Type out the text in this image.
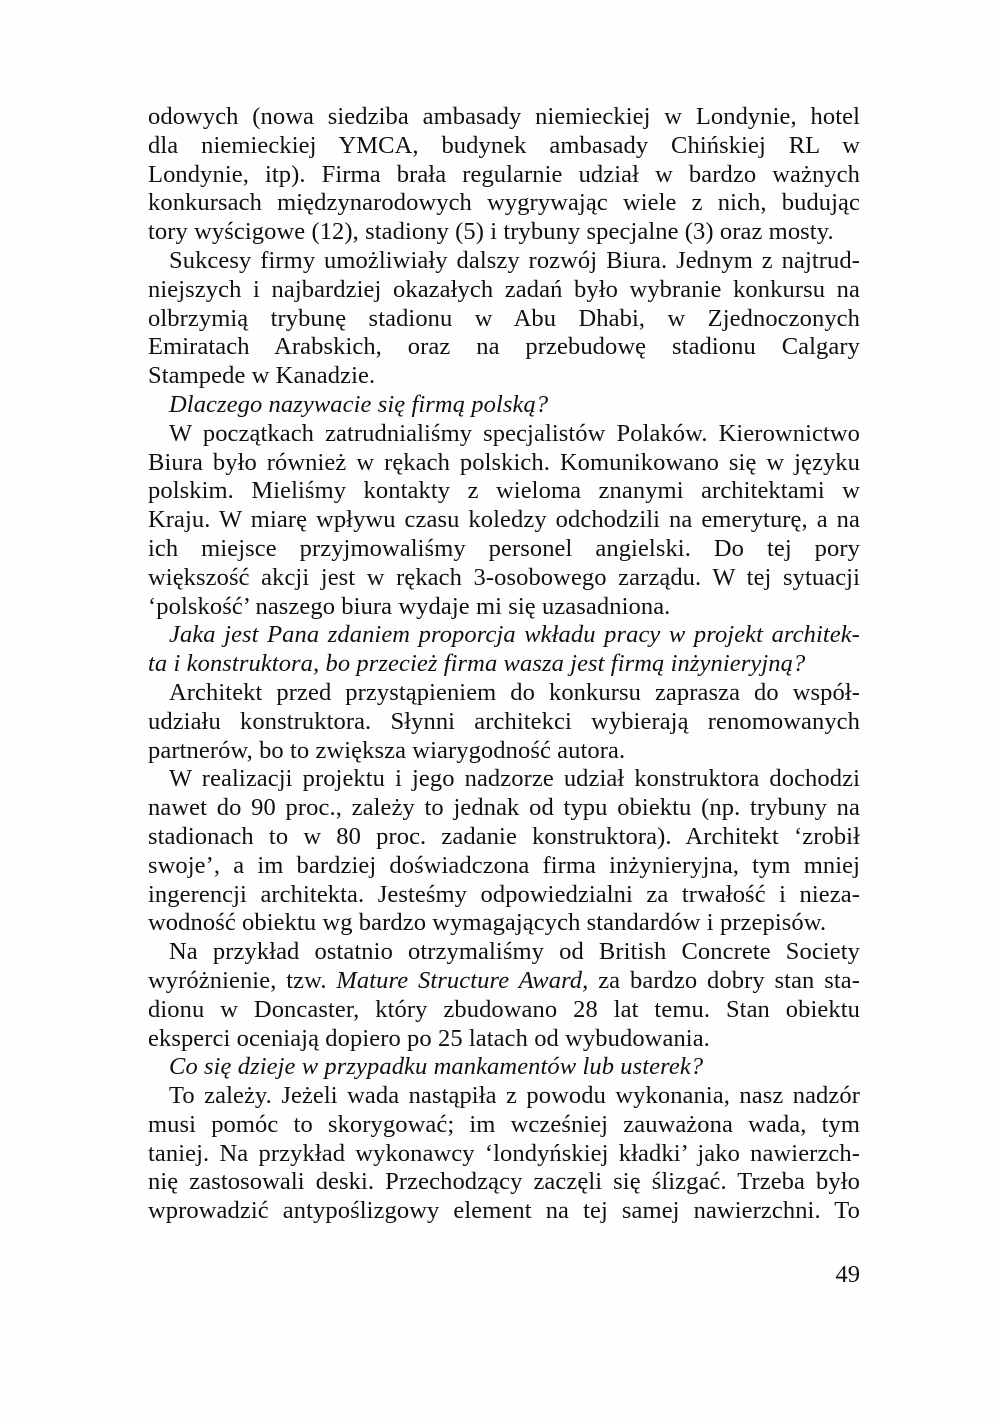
odowych (nowa siedziba ambasady niemieckiej w Londynie, hotel
dla niemieckiej YMCA, budynek ambasady Chińskiej RL w
Londynie, itp). Firma brała regularnie udział w bardzo ważnych
konkursach międzynarodowych wygrywając wiele z nich, budując
tory wyścigowe (12), stadiony (5) i trybuny specjalne (3) oraz mosty.
Sukcesy firmy umożliwiały dalszy rozwój Biura. Jednym z najtrud-
niejszych i najbardziej okazałych zadań było wybranie konkursu na
olbrzymią trybunę stadionu w Abu Dhabi, w Zjednoczonych
Emiratach Arabskich, oraz na przebudowę stadionu Calgary
Stampede w Kanadzie.
Dlaczego nazywacie się firmą polską?
W początkach zatrudnialiśmy specjalistów Polaków. Kierownictwo
Biura było również w rękach polskich. Komunikowano się w języku
polskim. Mieliśmy kontakty z wieloma znanymi architektami w
Kraju. W miarę wpływu czasu koledzy odchodzili na emeryturę, a na
ich miejsce przyjmowaliśmy personel angielski. Do tej pory
większość akcji jest w rękach 3-osobowego zarządu. W tej sytuacji
‘polskość’ naszego biura wydaje mi się uzasadniona.
Jaka jest Pana zdaniem proporcja wkładu pracy w projekt architek-
ta i konstruktora, bo przecież firma wasza jest firmą inżynieryjną?
Architekt przed przystąpieniem do konkursu zaprasza do współ-
udziału konstruktora. Słynni architekci wybierają renomowanych
partnerów, bo to zwiększa wiarygodność autora.
W realizacji projektu i jego nadzorze udział konstruktora dochodzi
nawet do 90 proc., zależy to jednak od typu obiektu (np. trybuny na
stadionach to w 80 proc. zadanie konstruktora). Architekt ‘zrobił
swoje’, a im bardziej doświadczona firma inżynieryjna, tym mniej
ingerencji architekta. Jesteśmy odpowiedzialni za trwałość i nieza-
wodność obiektu wg bardzo wymagających standardów i przepisów.
Na przykład ostatnio otrzymaliśmy od British Concrete Society
wyróżnienie, tzw. Mature Structure Award, za bardzo dobry stan sta-
dionu w Doncaster, który zbudowano 28 lat temu. Stan obiektu
eksperci oceniają dopiero po 25 latach od wybudowania.
Co się dzieje w przypadku mankamentów lub usterek?
To zależy. Jeżeli wada nastąpiła z powodu wykonania, nasz nadzór
musi pomóc to skorygować; im wcześniej zauważona wada, tym
taniej. Na przykład wykonawcy ‘londyńskiej kładki’ jako nawierzch-
nię zastosowali deski. Przechodzący zaczęli się ślizgać. Trzeba było
wprowadzić antypoślizgowy element na tej samej nawierzchni. To
49
